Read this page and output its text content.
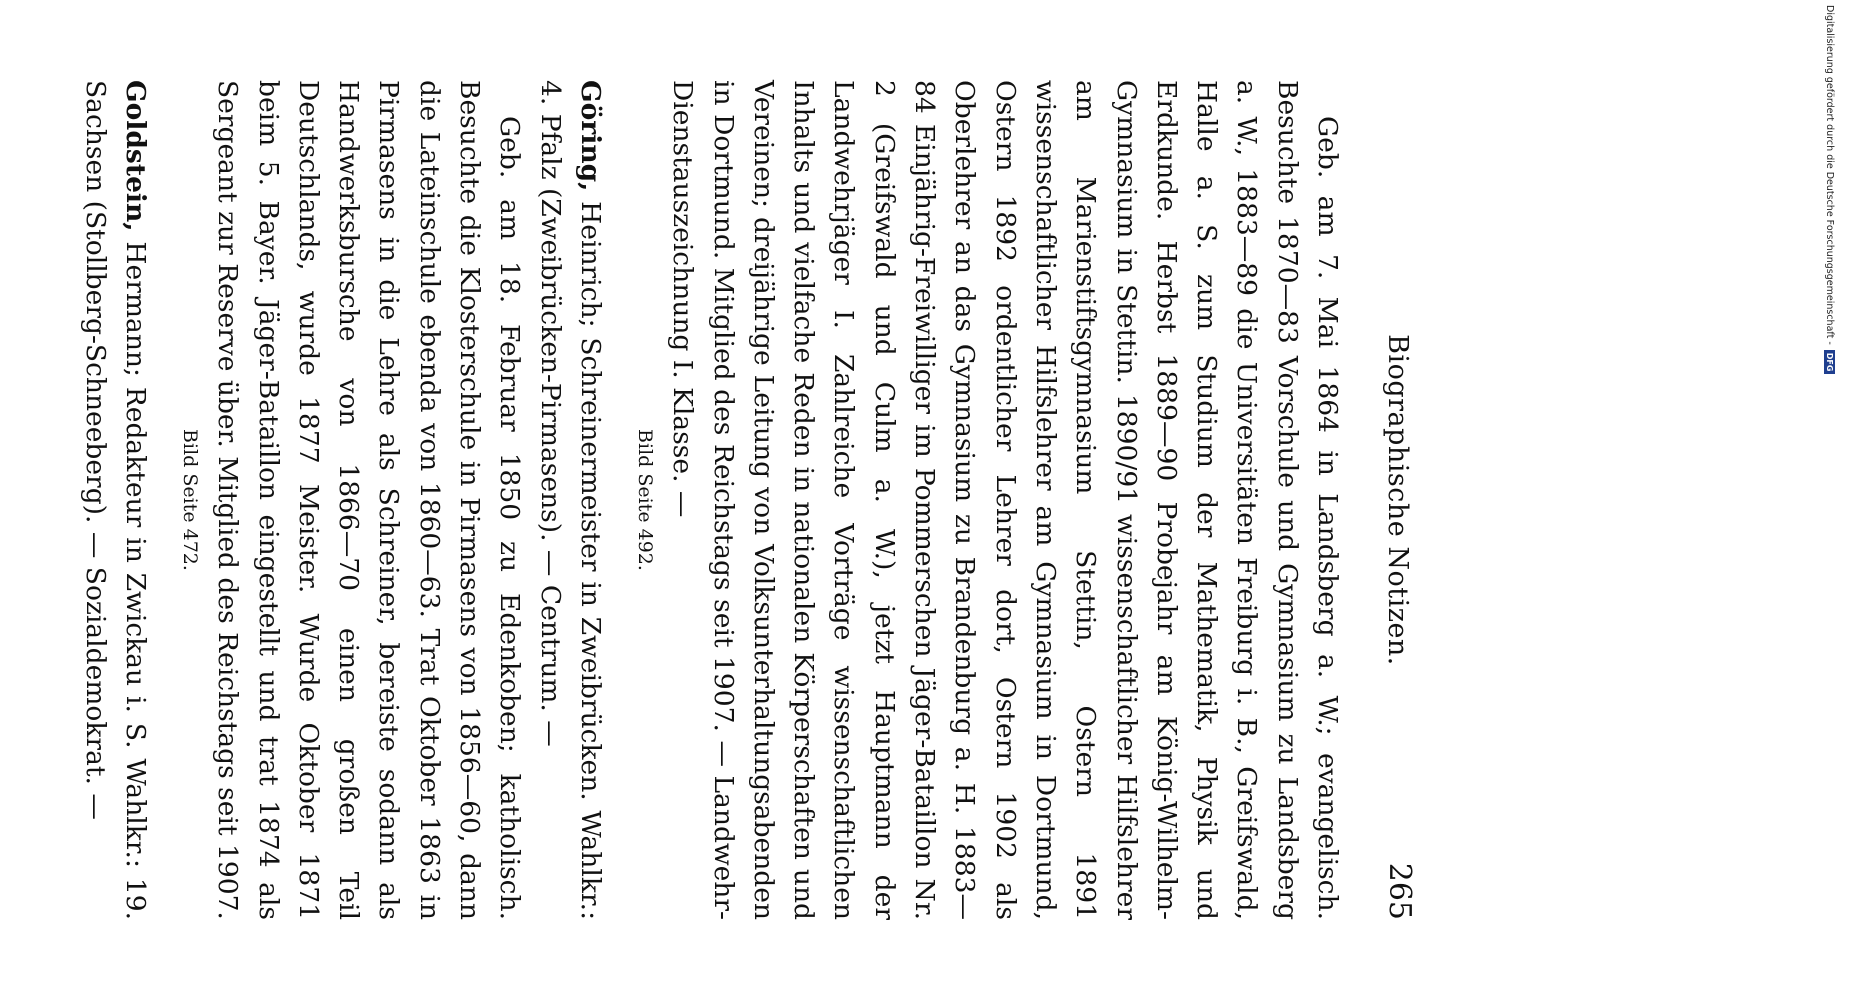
Biographische Notizen.
265

Geb. am 7. Mai 1864 in Landsberg a. W.; evangelisch. Besuchte 1870—83 Vorschule und Gymnasium zu Landsberg a. W., 1883—89 die Universitäten Freiburg i. B., Greifswald, Halle a. S. zum Studium der Mathematik, Physik und Erdkunde. Herbst 1889—90 Probejahr am König-Wilhelm-Gymnasium in Stettin. 1890/91 wissenschaftlicher Hilfslehrer am Marienstiftsgymnasium Stettin, Ostern 1891 wissenschaftlicher Hilfslehrer am Gymnasium in Dortmund, Ostern 1892 ordentlicher Lehrer dort, Ostern 1902 als Oberlehrer an das Gymnasium zu Brandenburg a. H. 1883—84 Einjährig-Freiwilliger im Pommerschen Jäger-Bataillon Nr. 2 (Greifswald und Culm a. W.), jetzt Hauptmann der Landwehrjäger I. Zahlreiche Vorträge wissenschaftlichen Inhalts und vielfache Reden in nationalen Körperschaften und Vereinen; dreijährige Leitung von Volksunterhaltungsabenden in Dortmund. Mitglied des Reichstags seit 1907. — Landwehr-Dienstauszeichnung I. Klasse. —

Bild Seite 492.

Göring, Heinrich; Schreinermeister in Zweibrücken. Wahlkr.: 4. Pfalz (Zweibrücken-Pirmasens). — Centrum. —

Geb. am 18. Februar 1850 zu Edenkoben; katholisch. Besuchte die Klosterschule in Pirmasens von 1856—60, dann die Lateinschule ebenda von 1860—63. Trat Oktober 1863 in Pirmasens in die Lehre als Schreiner, bereiste sodann als Handwerksbursche von 1866—70 einen großen Teil Deutschlands, wurde 1877 Meister. Wurde Oktober 1871 beim 5. Bayer. Jäger-Bataillon eingestellt und trat 1874 als Sergeant zur Reserve über. Mitglied des Reichstags seit 1907.

Bild Seite 472.

Goldstein, Hermann; Redakteur in Zwickau i. S. Wahlkr.: 19. Sachsen (Stollberg-Schneeberg). — Sozialdemokrat. —	Digitalisierung gefördert durch die Deutsche Forschungsgemeinschaft -
DFG
